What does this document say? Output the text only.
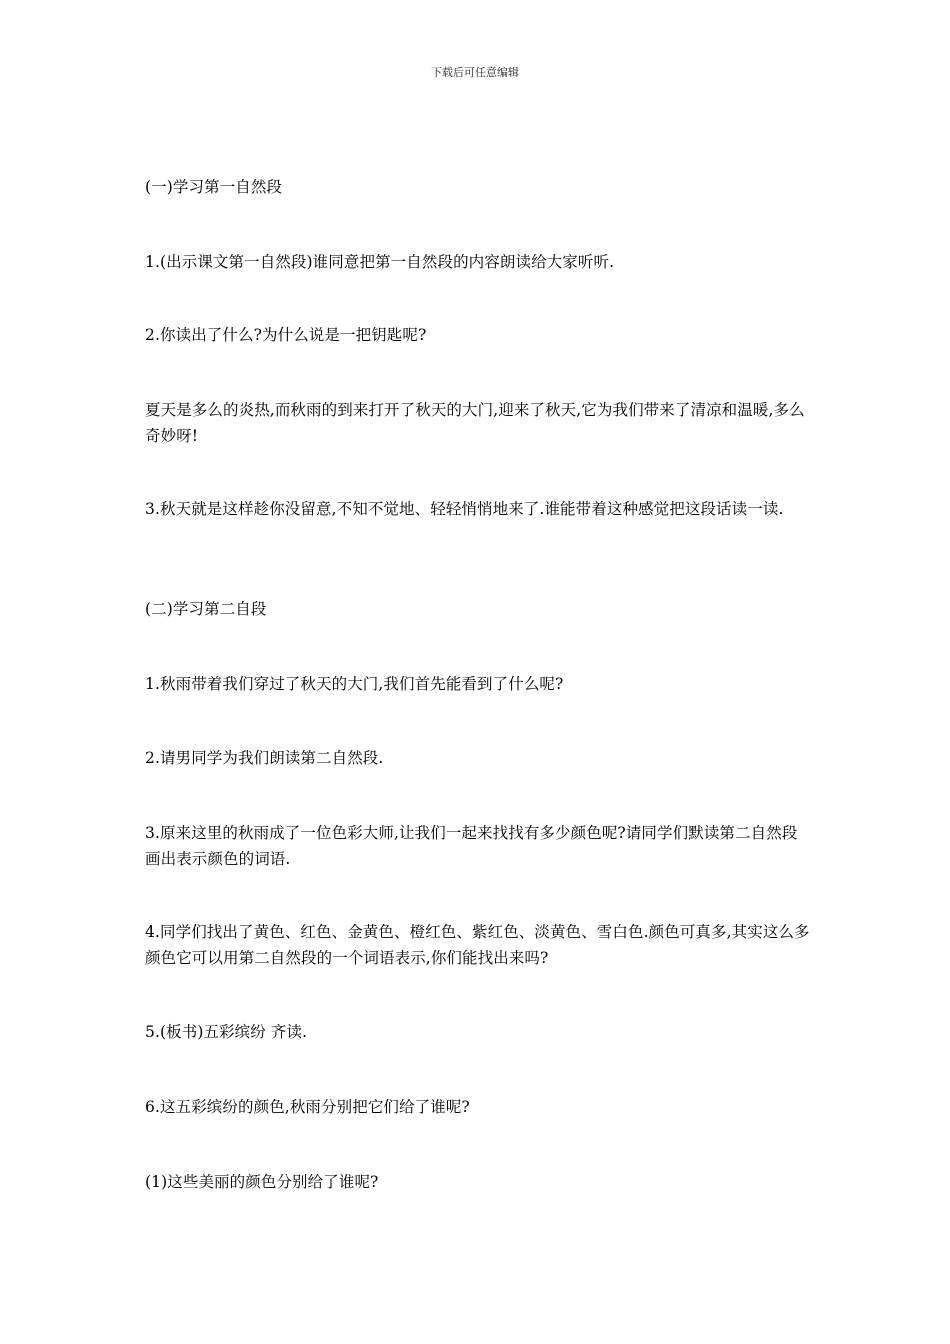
下载后可任意编辑
(一)学习第一自然段
1.(出示课文第一自然段)谁同意把第一自然段的内容朗读给大家听听.
2.你读出了什么?为什么说是一把钥匙呢?
夏天是多么的炎热,而秋雨的到来打开了秋天的大门,迎来了秋天,它为我们带来了清凉和温暖,多么奇妙呀!
3.秋天就是这样趁你没留意,不知不觉地、轻轻悄悄地来了.谁能带着这种感觉把这段话读一读.
(二)学习第二自段
1.秋雨带着我们穿过了秋天的大门,我们首先能看到了什么呢?
2.请男同学为我们朗读第二自然段.
3.原来这里的秋雨成了一位色彩大师,让我们一起来找找有多少颜色呢?请同学们默读第二自然段画出表示颜色的词语.
4.同学们找出了黄色、红色、金黄色、橙红色、紫红色、淡黄色、雪白色.颜色可真多,其实这么多颜色它可以用第二自然段的一个词语表示,你们能找出来吗?
5.(板书)五彩缤纷 齐读.
6.这五彩缤纷的颜色,秋雨分别把它们给了谁呢?
(1)这些美丽的颜色分别给了谁呢?
